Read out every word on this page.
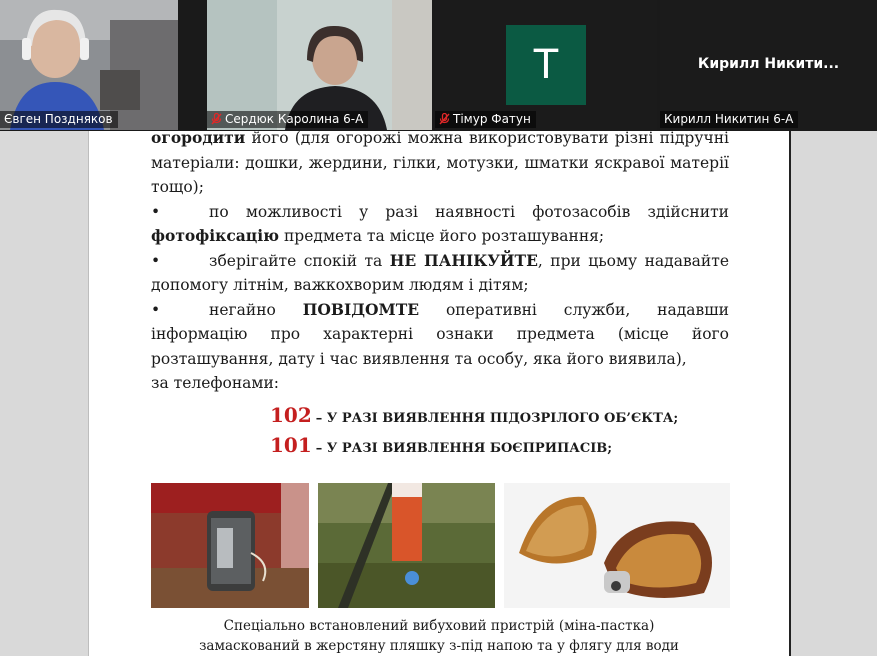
Євген Поздняков	Сердюк Каролина 6-А
T
Тімур Фатун
Кирилл Никити...
Кирилл Никитин 6-А

огородити його (для огорожі можна використовувати різні підручні матеріали: дошки, жердини, гілки, мотузки, шматки яскравої матерії тощо);

•	по можливості у разі наявності фотозасобів здійснити фотофіксацію предмета та місце його розташування;

•	зберігайте спокій та НЕ ПАНІКУЙТЕ, при цьому надавайте допомогу літнім, важкохворим людям і дітям;

•	негайно ПОВІДОМТЕ оперативні служби, надавши інформацію про характерні ознаки предмета (місце його розташування, дату і час виявлення та особу, яка його виявила),

за телефонами:

102 – У РАЗІ ВИЯВЛЕННЯ ПІДОЗРІЛОГО ОБ’ЄКТА;
101 – У РАЗІ ВИЯВЛЕННЯ БОЄПРИПАСІВ;
Спеціально встановлений вибуховий пристрій (міна-пастка)
замаскований в жерстяну пляшку з-під напою та у флягу для води
